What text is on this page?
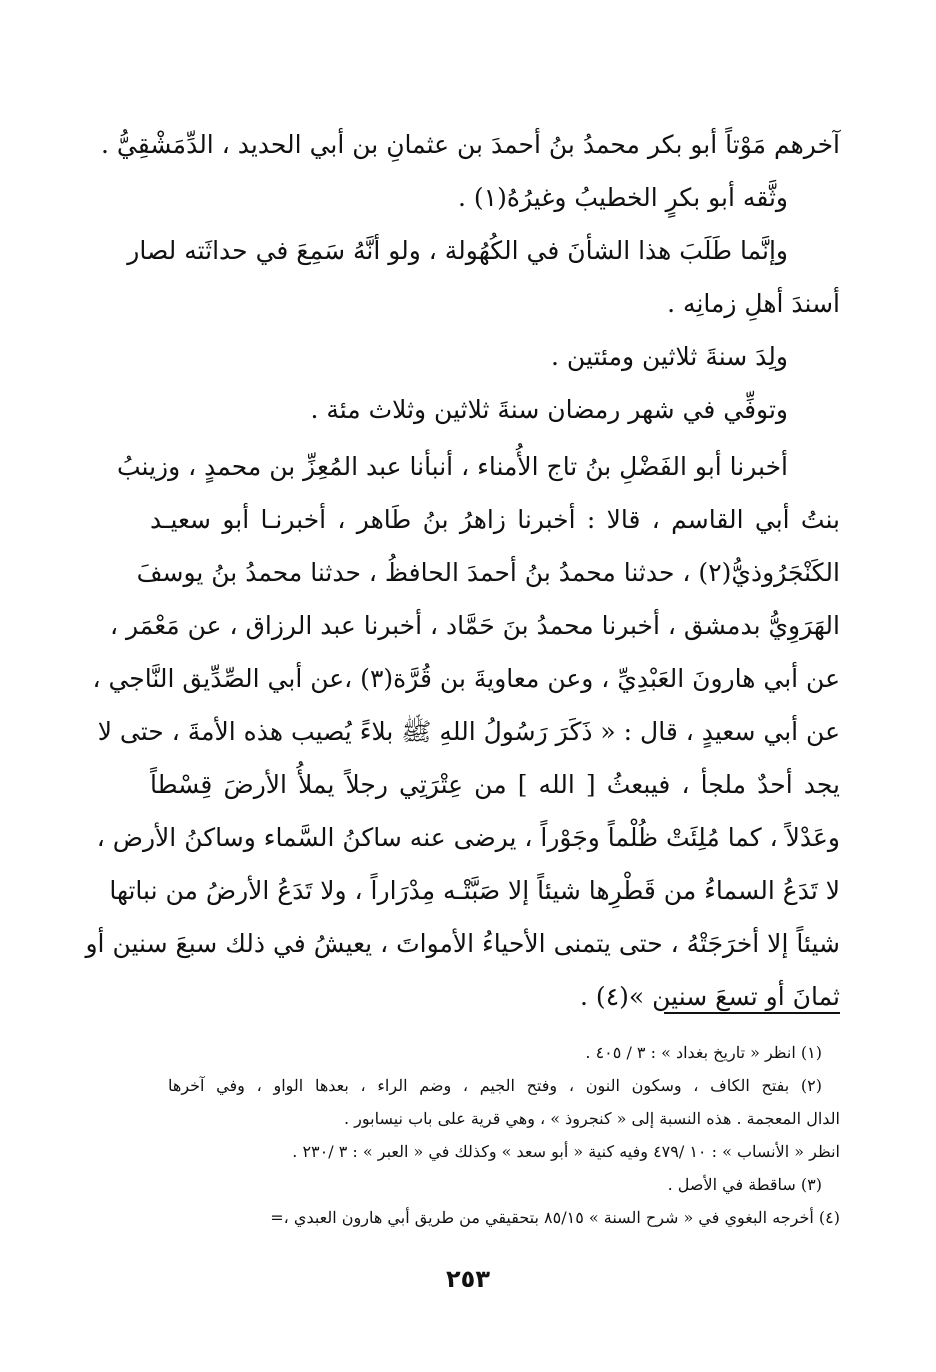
آخرهم مَوْتاً أبو بكر محمدُ بنُ أحمدَ بن عثمانِ بن أبي الحديد ، الدِّمَشْقِيُّ .
وثَّقه أبو بكرٍ الخطيبُ وغيرُهُ(١) .
وإنَّما طَلَبَ هذا الشأنَ في الكُهُولة ، ولو أنَّهُ سَمِعَ في حداثَته لصار
أسندَ أهلِ زمانِه .
ولِدَ سنةَ ثلاثين ومئتين .
وتوفِّي في شهر رمضان سنةَ ثلاثين وثلاث مئة .
أخبرنا أبو الفَضْلِ بنُ تاج الأُمناء ، أنبأنا عبد المُعِزِّ بن محمدٍ ، وزينبُ
بنتُ أبي القاسم ، قالا : أخبرنا زاهرُ بنُ طَاهر ، أخبرنـا أبو سعيـد
الكَنْجَرُوذيُّ(٢) ، حدثنا محمدُ بنُ أحمدَ الحافظُ ، حدثنا محمدُ بنُ يوسفَ
الهَرَوِيُّ بدمشق ، أخبرنا محمدُ بنَ حَمَّاد ، أخبرنا عبد الرزاق ، عن مَعْمَر ،
عن أبي هارونَ العَبْدِيِّ ، وعن معاويةَ بن قُرَّة(٣) ،عن أبي الصِّدِّيق النَّاجي ،
عن أبي سعيدٍ ، قال : « ذَكَرَ رَسُولُ اللهِ ﷺ بلاءً يُصيب هذه الأمةَ ، حتى لا
يجد أحدٌ ملجأ ، فيبعثُ [ الله ] من عِتْرَتِي رجلاً يملأُ الأرضَ قِسْطاً
وعَدْلاً ، كما مُلِئَتْ ظُلْماً وجَوْراً ، يرضى عنه ساكنُ السَّماء وساكنُ الأرض ،
لا تَدَعُ السماءُ من قَطْرِها شيئاً إلا صَبَّتْـه مِدْرَاراً ، ولا تَدَعُ الأرضُ من نباتها
شيئاً إلا أخرَجَتْهُ ، حتى يتمنى الأحياءُ الأمواتَ ، يعيشُ في ذلك سبعَ سنين أو
ثمانَ أو تسعَ سنين »(٤) .
(١) انظر « تاريخ بغداد » : ٣ / ٤٠٥ .
(٢) بفتح الكاف ، وسكون النون ، وفتح الجيم ، وضم الراء ، بعدها الواو ، وفي آخرها
الدال المعجمة . هذه النسبة إلى « كنجروذ » ، وهي قرية على باب نيسابور .
انظر « الأنساب » : ١٠ /٤٧٩ وفيه كنية « أبو سعد » وكذلك في « العبر » : ٣ /٢٣٠ .
(٣) ساقطة في الأصل .
(٤) أخرجه البغوي في « شرح السنة » ٨٥/١٥ بتحقيقي من طريق أبي هارون العبدي ،=
٢٥٣
